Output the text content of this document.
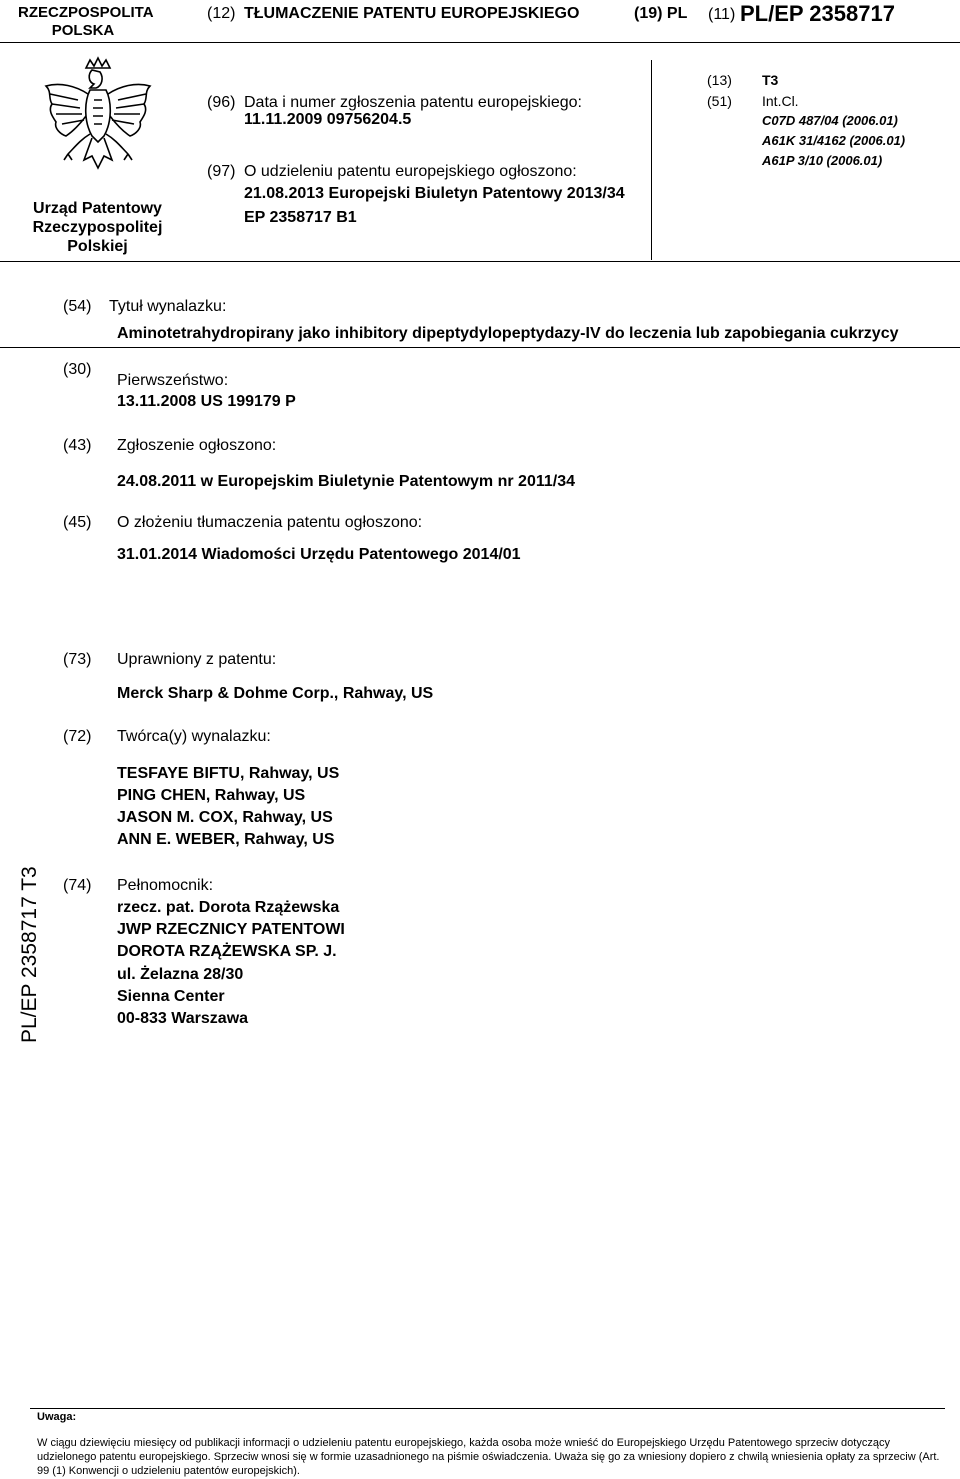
RZECZPOSPOLITA
POLSKA
(12) TŁUMACZENIE PATENTU EUROPEJSKIEGO	(19) PL (11) PL/EP 2358717
Urząd Patentowy
Rzeczypospolitej
Polskiej
(96) Data i numer zgłoszenia patentu europejskiego:
11.11.2009 09756204.5
(97) O udzieleniu patentu europejskiego ogłoszono:
21.08.2013 Europejski Biuletyn Patentowy 2013/34
EP 2358717 B1
(13) T3
(51) Int.Cl.
C07D 487/04 (2006.01)
A61K 31/4162 (2006.01)
A61P 3/10 (2006.01)
(54) Tytuł wynalazku:
Aminotetrahydropirany jako inhibitory dipeptydylopeptydazy-IV do leczenia lub zapobiegania cukrzycy
(30)
Pierwszeństwo:
13.11.2008 US 199179 P
(43) Zgłoszenie ogłoszono:
24.08.2011 w Europejskim Biuletynie Patentowym nr 2011/34
(45) O złożeniu tłumaczenia patentu ogłoszono:
31.01.2014 Wiadomości Urzędu Patentowego 2014/01
(73) Uprawniony z patentu:
Merck Sharp & Dohme Corp., Rahway, US
(72) Twórca(y) wynalazku:
TESFAYE BIFTU, Rahway, US
PING CHEN, Rahway, US
JASON M. COX, Rahway, US
ANN E. WEBER, Rahway, US
(74) Pełnomocnik:
rzecz. pat. Dorota Rzążewska
JWP RZECZNICY PATENTOWI
DOROTA RZĄŻEWSKA SP. J.
ul. Żelazna 28/30
Sienna Center
00-833 Warszawa
PL/EP 2358717 T3
Uwaga:
W ciągu dziewięciu miesięcy od publikacji informacji o udzieleniu patentu europejskiego, każda osoba może wnieść do Europejskiego Urzędu Patentowego sprzeciw dotyczący udzielonego patentu europejskiego. Sprzeciw wnosi się w formie uzasadnionego na piśmie oświadczenia. Uważa się go za wniesiony dopiero z chwilą wniesienia opłaty za sprzeciw (Art. 99 (1) Konwencji o udzieleniu patentów europejskich).
